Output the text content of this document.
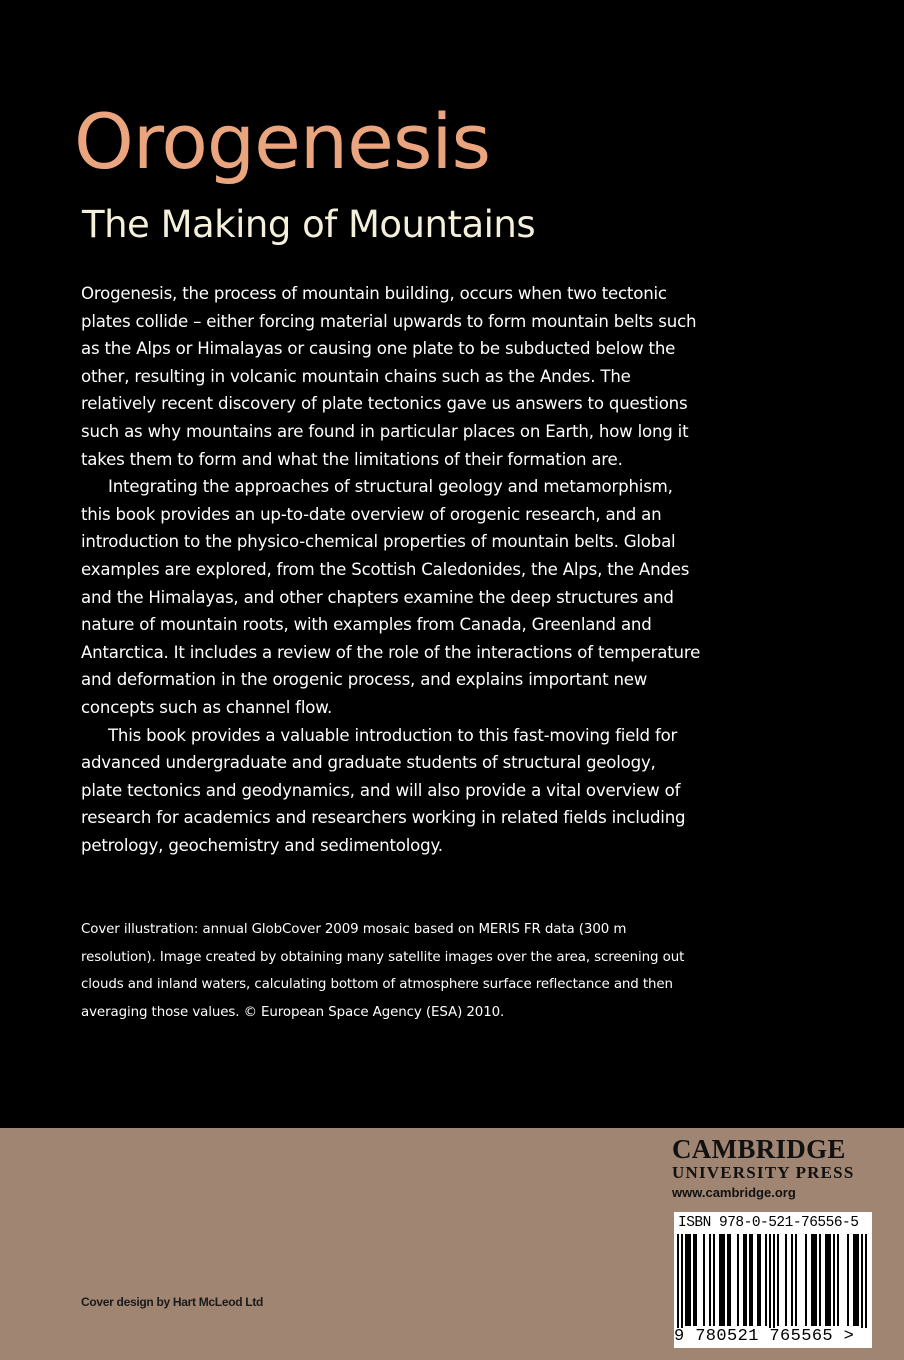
Orogenesis
The Making of Mountains

Orogenesis, the process of mountain building, occurs when two tectonic plates collide – either forcing material upwards to form mountain belts such as the Alps or Himalayas or causing one plate to be subducted below the other, resulting in volcanic mountain chains such as the Andes. The relatively recent discovery of plate tectonics gave us answers to questions such as why mountains are found in particular places on Earth, how long it takes them to form and what the limitations of their formation are.

Integrating the approaches of structural geology and metamorphism, this book provides an up-to-date overview of orogenic research, and an introduction to the physico-chemical properties of mountain belts. Global examples are explored, from the Scottish Caledonides, the Alps, the Andes and the Himalayas, and other chapters examine the deep structures and nature of mountain roots, with examples from Canada, Greenland and Antarctica. It includes a review of the role of the interactions of temperature and deformation in the orogenic process, and explains important new concepts such as channel flow.

This book provides a valuable introduction to this fast-moving field for advanced undergraduate and graduate students of structural geology, plate tectonics and geodynamics, and will also provide a vital overview of research for academics and researchers working in related fields including petrology, geochemistry and sedimentology.

Cover illustration: annual GlobCover 2009 mosaic based on MERIS FR data (300 m resolution). Image created by obtaining many satellite images over the area, screening out clouds and inland waters, calculating bottom of atmosphere surface reflectance and then averaging those values. © European Space Agency (ESA) 2010.
Cover design by Hart McLeod Ltd
CAMBRIDGE
UNIVERSITY PRESS
www.cambridge.org
ISBN 978-0-521-76556-5
9 780521 765565 >
